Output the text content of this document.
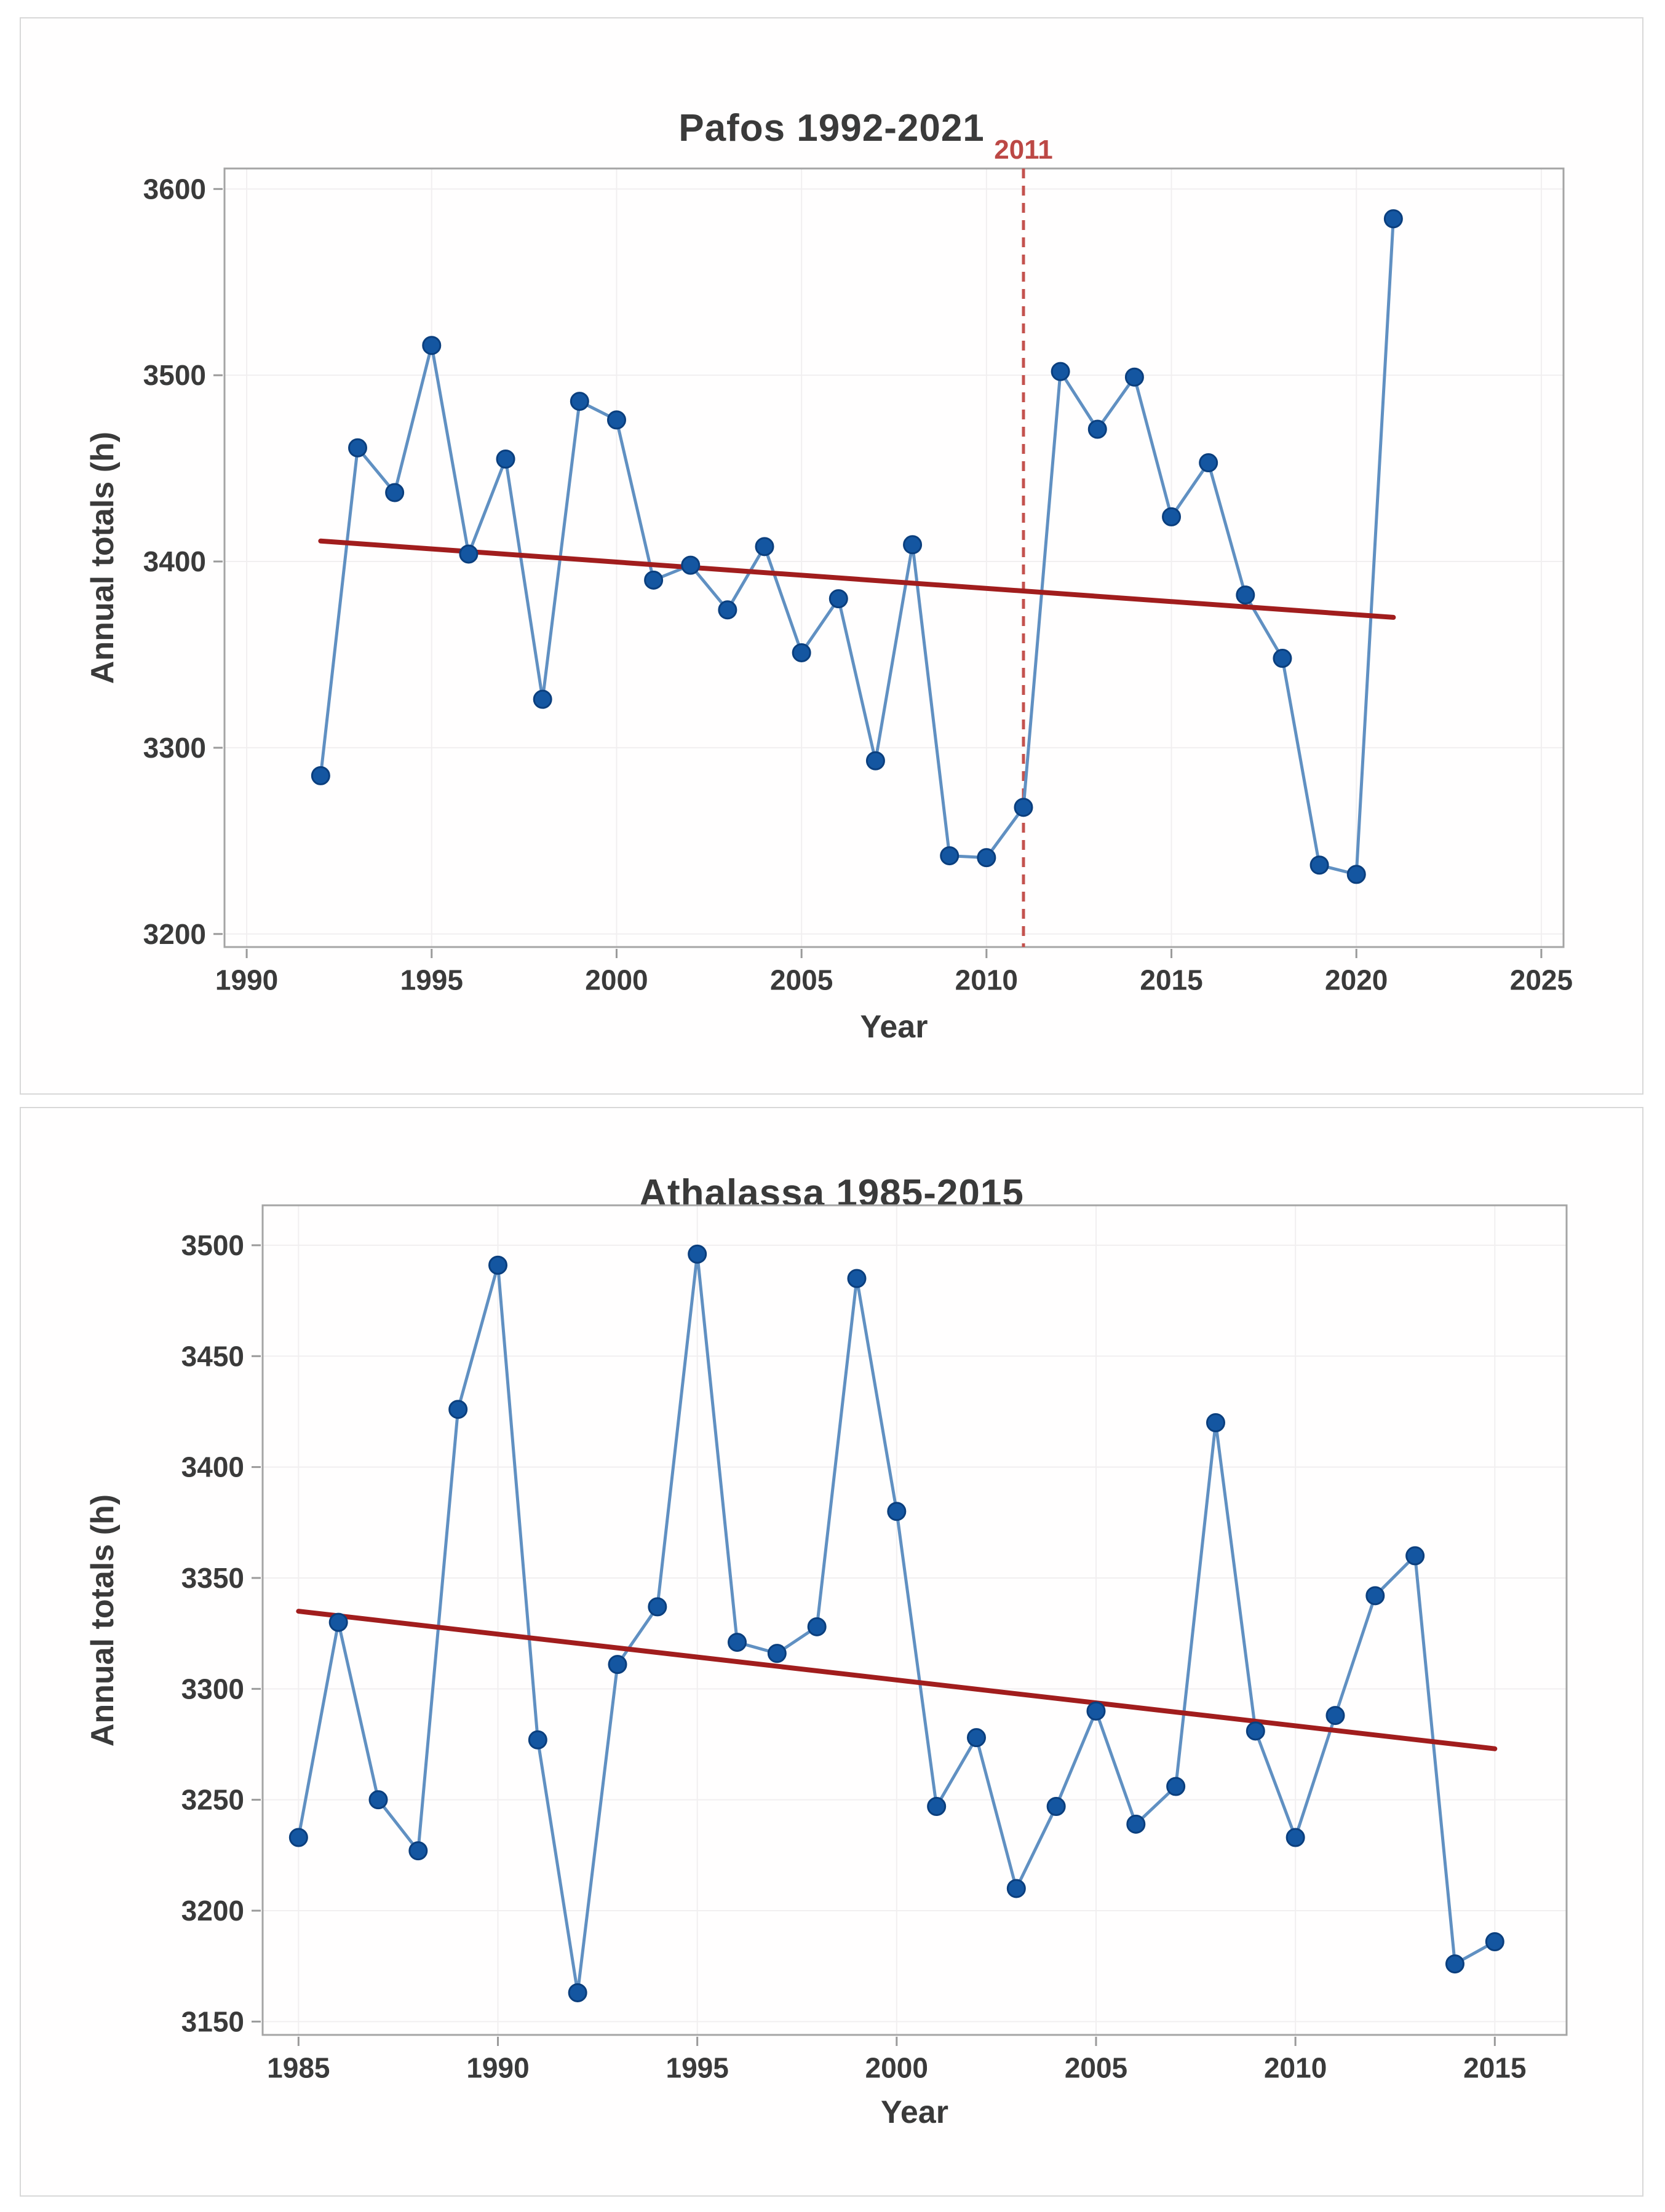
Pafos 1992-2021
Annual totals (h)
Year
2011
1990	1995	2000	2005	2010	2015	2020	2025
3200
3300
3400
3500
3600
Athalassa 1985-2015
Annual totals (h)
Year
1985	1990	1995	2000	2005	2010	2015
3150
3200
3250
3300
3350
3400
3450
3500
